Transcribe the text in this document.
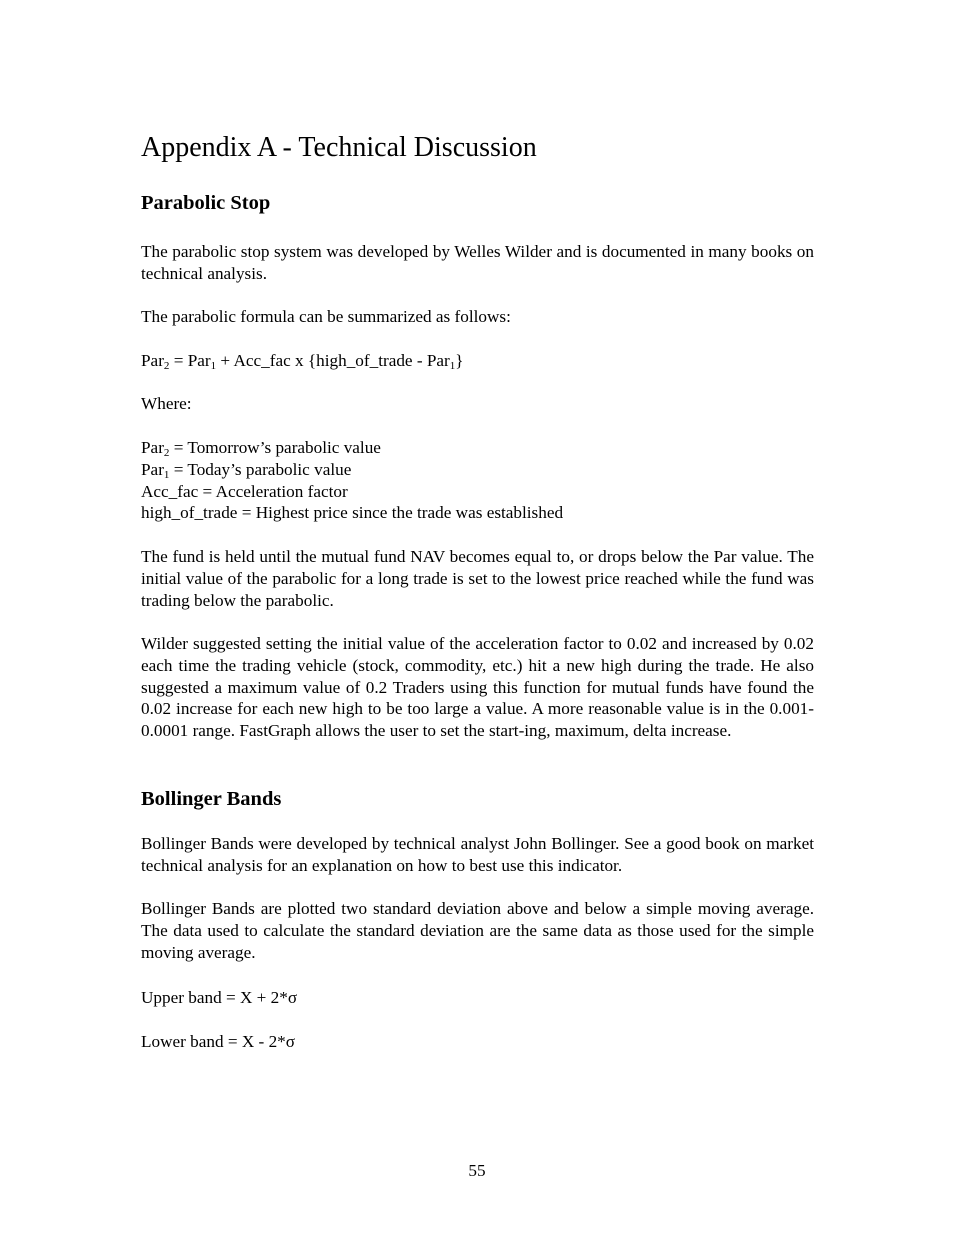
Appendix A - Technical Discussion
Parabolic Stop

The parabolic stop system was developed by Welles Wilder and is documented in many books on technical analysis.

The parabolic formula can be summarized as follows:

Par$_2$ = Par$_1$ + Acc_fac x {high_of_trade - Par$_1$}

Where:

Par$_2$ = Tomorrow’s parabolic value

Par$_1$ = Today’s parabolic value

Acc_fac = Acceleration factor

high_of_trade = Highest price since the trade was established

The fund is held until the mutual fund NAV becomes equal to, or drops below the Par value. The initial value of the parabolic for a long trade is set to the lowest price reached while the fund was trading below the parabolic.

Wilder suggested setting the initial value of the acceleration factor to 0.02 and increased by 0.02 each time the trading vehicle (stock, commodity, etc.) hit a new high during the trade. He also suggested a maximum value of 0.2 Traders using this function for mutual funds have found the 0.02 increase for each new high to be too large a value. A more reasonable value is in the 0.001-0.0001 range. FastGraph allows the user to set the start-ing, maximum, delta increase.

Bollinger Bands

Bollinger Bands were developed by technical analyst John Bollinger. See a good book on market technical analysis for an explanation on how to best use this indicator.

Bollinger Bands are plotted two standard deviation above and below a simple moving average. The data used to calculate the standard deviation are the same data as those used for the simple moving average.

Upper band = X + 2*σ

Lower band = X - 2*σ

55
